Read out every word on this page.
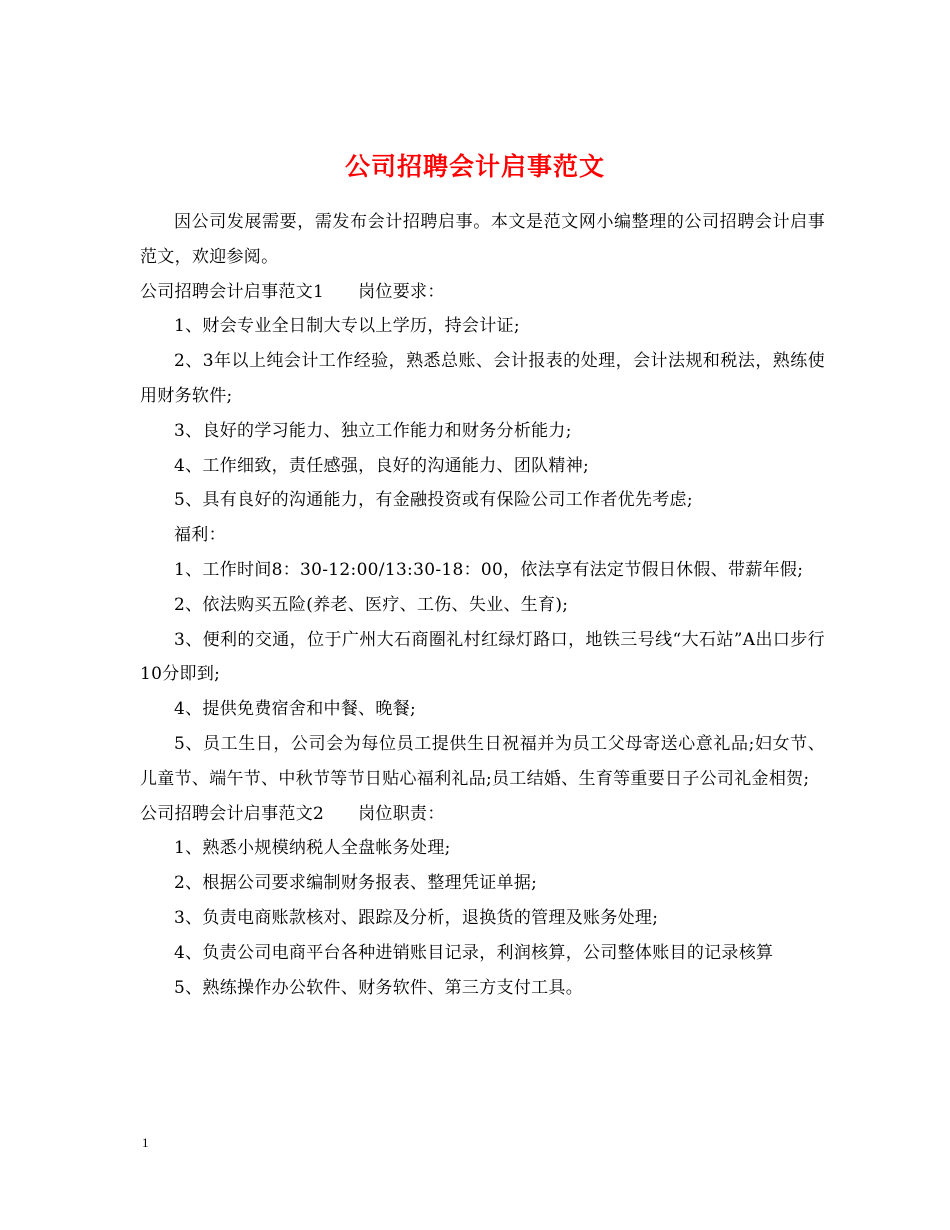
公司招聘会计启事范文

因公司发展需要，需发布会计招聘启事。本文是范文网小编整理的公司招聘会计启事范文，欢迎参阅。

公司招聘会计启事范文1 岗位要求：

1、财会专业全日制大专以上学历，持会计证;

2、3年以上纯会计工作经验，熟悉总账、会计报表的处理，会计法规和税法，熟练使用财务软件;

3、良好的学习能力、独立工作能力和财务分析能力;

4、工作细致，责任感强，良好的沟通能力、团队精神;

5、具有良好的沟通能力，有金融投资或有保险公司工作者优先考虑;

福利：

1、工作时间8：30-12:00/13:30-18：00，依法享有法定节假日休假、带薪年假;

2、依法购买五险(养老、医疗、工伤、失业、生育);

3、便利的交通，位于广州大石商圈礼村红绿灯路口，地铁三号线“大石站”A出口步行10分即到;

4、提供免费宿舍和中餐、晚餐;

5、员工生日，公司会为每位员工提供生日祝福并为员工父母寄送心意礼品;妇女节、儿童节、端午节、中秋节等节日贴心福利礼品;员工结婚、生育等重要日子公司礼金相贺;

公司招聘会计启事范文2 岗位职责：

1、熟悉小规模纳税人全盘帐务处理;

2、根据公司要求编制财务报表、整理凭证单据;

3、负责电商账款核对、跟踪及分析，退换货的管理及账务处理;

4、负责公司电商平台各种进销账目记录，利润核算，公司整体账目的记录核算

5、熟练操作办公软件、财务软件、第三方支付工具。

1
